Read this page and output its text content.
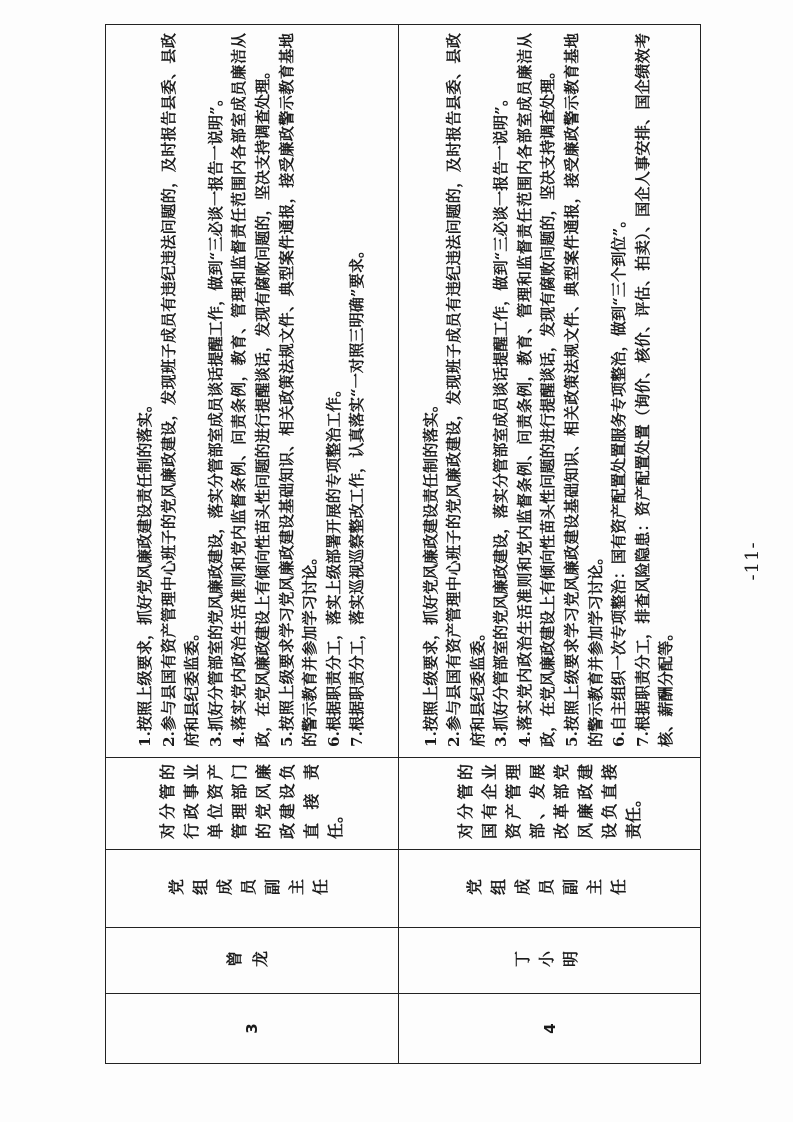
3
曾龙
党组成员副主任
对分管的行政事业单位资产管理部门的党风廉政建设负直接责任。
1.按照上级要求，抓好党风廉政建设责任制的落实。 2.参与县国有资产管理中心班子的党风廉政建设，发现班子成员有违纪违法问题的，及时报告县委、县政府和县纪委监委。 3.抓好分管部室的党风廉政建设，落实分管部室成员谈话提醒工作，做到“三必谈一报告一说明”。 4.落实党内政治生活准则和党内监督条例、问责条例，教育、管理和监督责任范围内各部室成员廉洁从政，在党风廉政建设上有倾向性苗头性问题的进行提醒谈话，发现有腐败问题的，坚决支持调查处理。 5.按照上级要求学习党风廉政建设基础知识、相关政策法规文件、典型案件通报，接受廉政警示教育基地的警示教育并参加学习讨论。 6.根据职责分工，落实上级部署开展的专项整治工作。 7.根据职责分工，落实巡视巡察整改工作，认真落实“一对照三明确”要求。
4
丁小明
党组成员副主任
对分管的国有企业资产管理部、发展改革部党风廉政建设负直接责任。
1.按照上级要求，抓好党风廉政建设责任制的落实。 2.参与县国有资产管理中心班子的党风廉政建设，发现班子成员有违纪违法问题的，及时报告县委、县政府和县纪委监委。 3.抓好分管部室的党风廉政建设，落实分管部室成员谈话提醒工作，做到“三必谈一报告一说明”。 4.落实党内政治生活准则和党内监督条例、问责条例，教育、管理和监督责任范围内各部室成员廉洁从政，在党风廉政建设上有倾向性苗头性问题的进行提醒谈话，发现有腐败问题的，坚决支持调查处理。 5.按照上级要求学习党风廉政建设基础知识、相关政策法规文件、典型案件通报，接受廉政警示教育基地的警示教育并参加学习讨论。 6.自主组织一次专项整治：国有资产配置处置服务专项整治，做到“三个到位”。 7.根据职责分工，排查风险隐患：资产配置处置（询价、核价、评估、拍卖）、国企人事安排、国企绩效考核、薪酬分配等。
-11-
